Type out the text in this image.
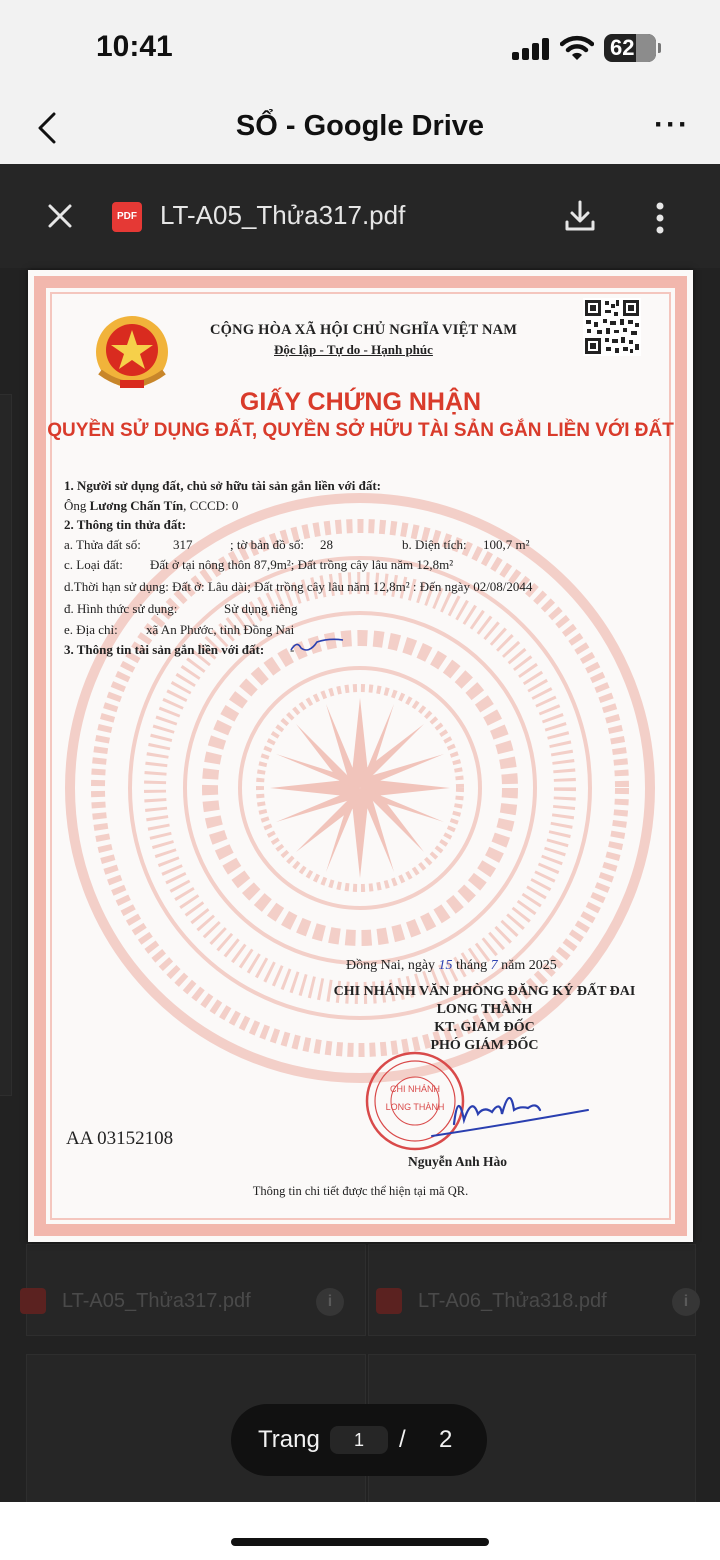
10:41	62
SỔ - Google Drive	···
LT-A05_Thửa317.pdf	i	LT-A06_Thửa318.pdf	i
PDF LT-A05_Thửa317.pdf
CỘNG HÒA XÃ HỘI CHỦ NGHĨA VIỆT NAM
Độc lập - Tự do - Hạnh phúc
GIẤY CHỨNG NHẬN
QUYỀN SỬ DỤNG ĐẤT, QUYỀN SỞ HỮU TÀI SẢN GẮN LIỀN VỚI ĐẤT
1. Người sử dụng đất, chủ sở hữu tài sản gắn liền với đất:
Ông Lương Chấn Tín, CCCD: 0
2. Thông tin thửa đất:
a. Thửa đất số: 317	; tờ bản đồ số: 28	b. Diện tích: 100,7 m²
c. Loại đất: Đất ở tại nông thôn 87,9m²; Đất trồng cây lâu năm 12,8m²
d.Thời hạn sử dụng: Đất ở: Lâu dài; Đất trồng cây lâu năm 12,8m² : Đến ngày 02/08/2044
đ. Hình thức sử dụng:	Sử dụng riêng
e. Địa chỉ: xã An Phước, tỉnh Đồng Nai
3. Thông tin tài sản gắn liền với đất: -
Đồng Nai, ngày 15 tháng 7 năm 2025
CHI NHÁNH VĂN PHÒNG ĐĂNG KÝ ĐẤT ĐAI
LONG THÀNH
KT. GIÁM ĐỐC
PHÓ GIÁM ĐỐC
CHI NHÁNH
LONG THÀNH
AA 03152108
Nguyễn Anh Hào
Thông tin chi tiết được thể hiện tại mã QR.
Trang	1	/ 2
